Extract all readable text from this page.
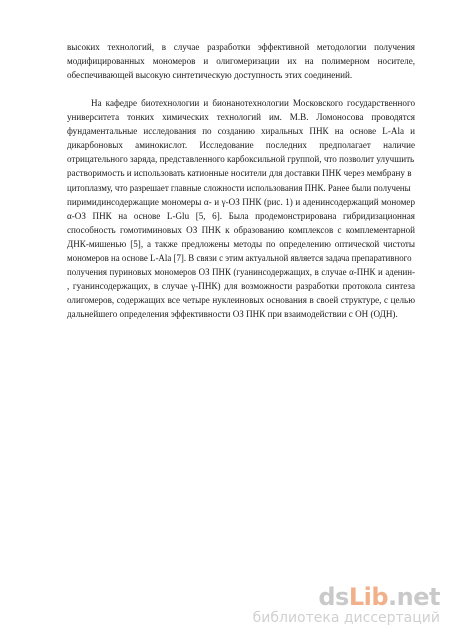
высоких технологий, в случае разработки эффективной методологии получения
модифицированных мономеров и олигомеризации их на полимерном носителе,
обеспечивающей высокую синтетическую доступность этих соединений.
На кафедре биотехнологии и бионанотехнологии Московского государственного
университета тонких химических технологий им. М.В. Ломоносова проводятся
фундаментальные исследования по созданию хиральных ПНК на основе L-Ala и
дикарбоновых аминокислот. Исследование последних предполагает наличие
отрицательного заряда, представленного карбоксильной группой, что позволит улучшить
растворимость и использовать катионные носители для доставки ПНК через мембрану в
цитоплазму, что разрешает главные сложности использования ПНК. Ранее были получены
пиримидинсодержащие мономеры α- и γ-ОЗ ПНК (рис. 1) и аденинсодержащий мономер
α-ОЗ ПНК на основе L-Glu [5, 6]. Была продемонстрирована гибридизационная
способность гомотиминовых ОЗ ПНК к образованию комплексов с комплементарной
ДНК-мишенью [5], а также предложены методы по определению оптической чистоты
мономеров на основе L-Ala [7]. В связи с этим актуальной является задача препаративного
получения пуриновых мономеров ОЗ ПНК (гуанинсодержащих, в случае α-ПНК и аденин-
, гуанинсодержащих, в случае γ-ПНК) для возможности разработки протокола синтеза
олигомеров, содержащих все четыре нуклеиновых основания в своей структуре, с целью
дальнейшего определения эффективности ОЗ ПНК при взаимодействии с ОН (ОДН).
dsLib.net
библиотека диссертаций
